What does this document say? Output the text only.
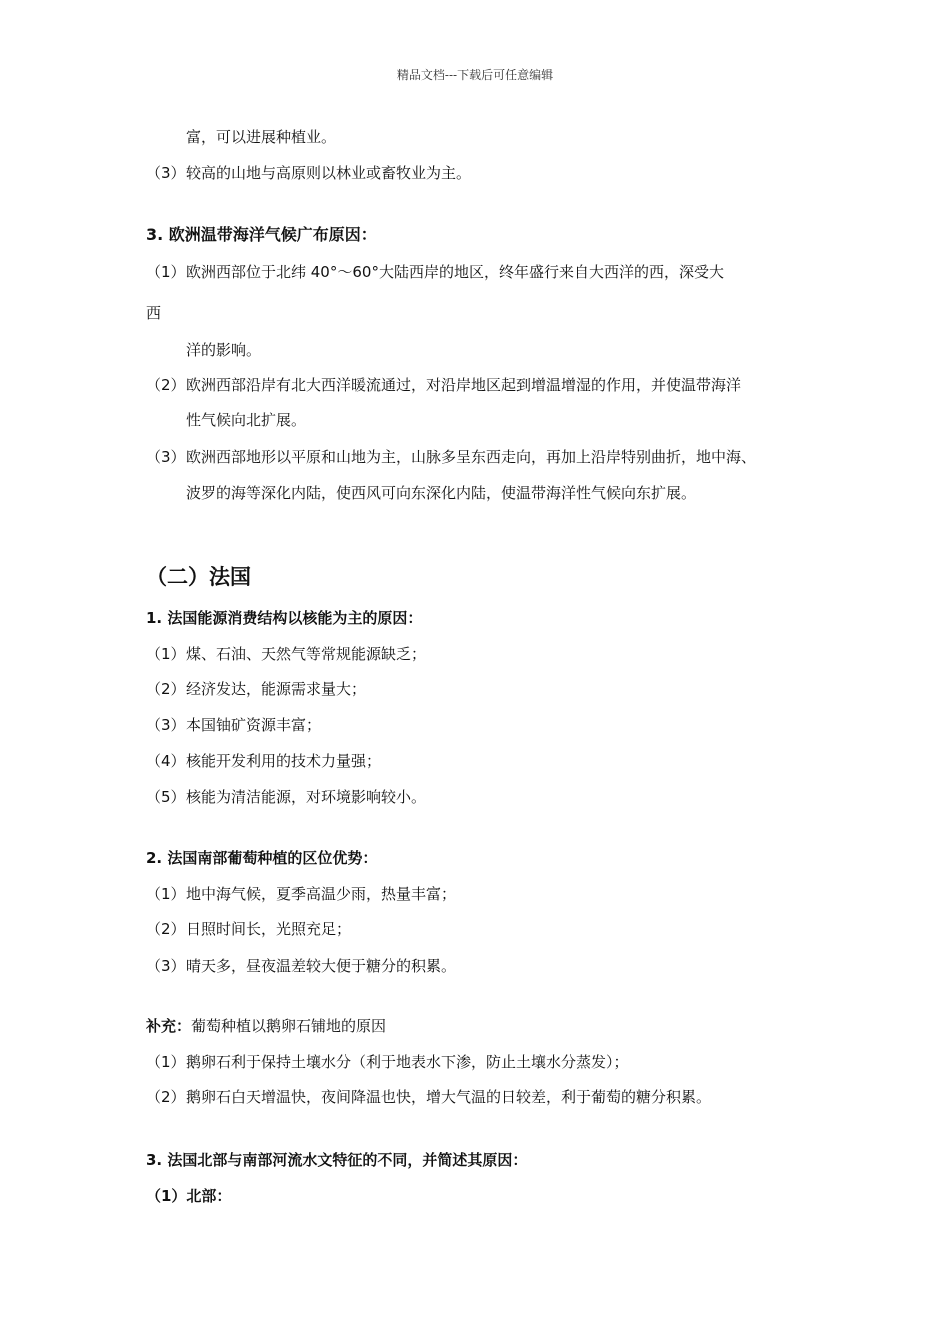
精品文档---下载后可任意编辑
富，可以进展种植业。
（3）较高的山地与高原则以林业或畜牧业为主。
3. 欧洲温带海洋气候广布原因：
（1）欧洲西部位于北纬 40°～60°大陆西岸的地区，终年盛行来自大西洋的西，深受大
西
洋的影响。
（2）欧洲西部沿岸有北大西洋暖流通过，对沿岸地区起到增温增湿的作用，并使温带海洋
性气候向北扩展。
（3）欧洲西部地形以平原和山地为主，山脉多呈东西走向，再加上沿岸特别曲折，地中海、
波罗的海等深化内陆，使西风可向东深化内陆，使温带海洋性气候向东扩展。
（二）法国
1. 法国能源消费结构以核能为主的原因：
（1）煤、石油、天然气等常规能源缺乏；
（2）经济发达，能源需求量大；
（3）本国铀矿资源丰富；
（4）核能开发利用的技术力量强；
（5）核能为清洁能源，对环境影响较小。
2. 法国南部葡萄种植的区位优势：
（1）地中海气候，夏季高温少雨，热量丰富；
（2）日照时间长，光照充足；
（3）晴天多，昼夜温差较大便于糖分的积累。
补充：葡萄种植以鹅卵石铺地的原因
（1）鹅卵石利于保持土壤水分（利于地表水下渗，防止土壤水分蒸发）；
（2）鹅卵石白天增温快，夜间降温也快，增大气温的日较差，利于葡萄的糖分积累。
3. 法国北部与南部河流水文特征的不同，并简述其原因：
（1）北部：
